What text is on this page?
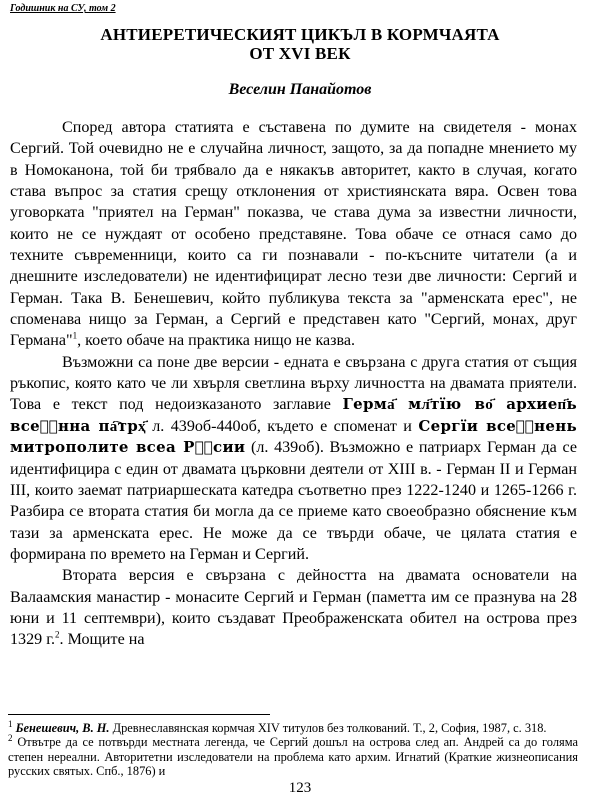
Годишник на СУ, том 2
АНТИЕРЕТИЧЕСКИЯТ ЦИКЪЛ В КОРМЧАЯТА
ОТ XVI ВЕК
Веселин Панайотов

Според автора статията е съставена по думите на свидетеля - монах Сергий. Той очевидно не е случайна личност, защото, за да попадне мнението му в Номоканона, той би трябвало да е някакъв авторитет, както в случая, когато става въпрос за статия срещу отклонения от християнската вяра. Освен това уговорката "приятел на Герман" показва, че става дума за известни личности, които не се нуждаят от особено представяне. Това обаче се отнася само до техните съвременници, които са ги познавали - по-късните читатели (а и днешните изследователи) не идентифицират лесно тези две личности: Сергий и Герман. Така В. Бенешевич, който публикува текста за "арменската ерес", не споменава нищо за Герман, а Сергий е представен като "Сергий, монах, друг Германа"$^1$, което обаче на практика нищо не казва.

Възможни са поне две версии - едната е свързана с друга статия от същия ръкопис, която като че ли хвърля светлина върху личността на двамата приятели. Това е текст под недоизказаното заглавие Герма҃ мл҃тїю во҃ архиеп҃ь всеⷧ҇нна па҇трҳ҃ л. 439об-440об, където е споменат и Сергїи всеⷧ҇нень митрополите всеа Рꙋ҇сии (л. 439об). Възможно е патриарх Герман да се идентифицира с един от двамата църковни деятели от XIII в. - Герман II и Герман III, които заемат патриаршеската катедра съответно през 1222-1240 и 1265-1266 г. Разбира се втората статия би могла да се приеме като своеобразно обяснение към тази за арменската ерес. Не може да се твърди обаче, че цялата статия е формирана по времето на Герман и Сергий.

Втората версия е свързана с дейността на двамата основатели на Валаамския манастир - монасите Сергий и Герман (паметта им се празнува на 28 юни и 11 септември), които създават Преображенската обител на острова през 1329 г.$^2$. Мощите на

$^1$ Бенешевич, В. Н. Древнеславянская кормчая XIV титулов без толкований. Т., 2, София, 1987, с. 318.

$^2$ Отвътре да се потвърди местната легенда, че Сергий дошъл на острова след ап. Андрей са до голяма степен нереални. Авторитетни изследователи на проблема като архим. Игнатий (Краткие жизнеописания русских святых. Спб., 1876) и

123
